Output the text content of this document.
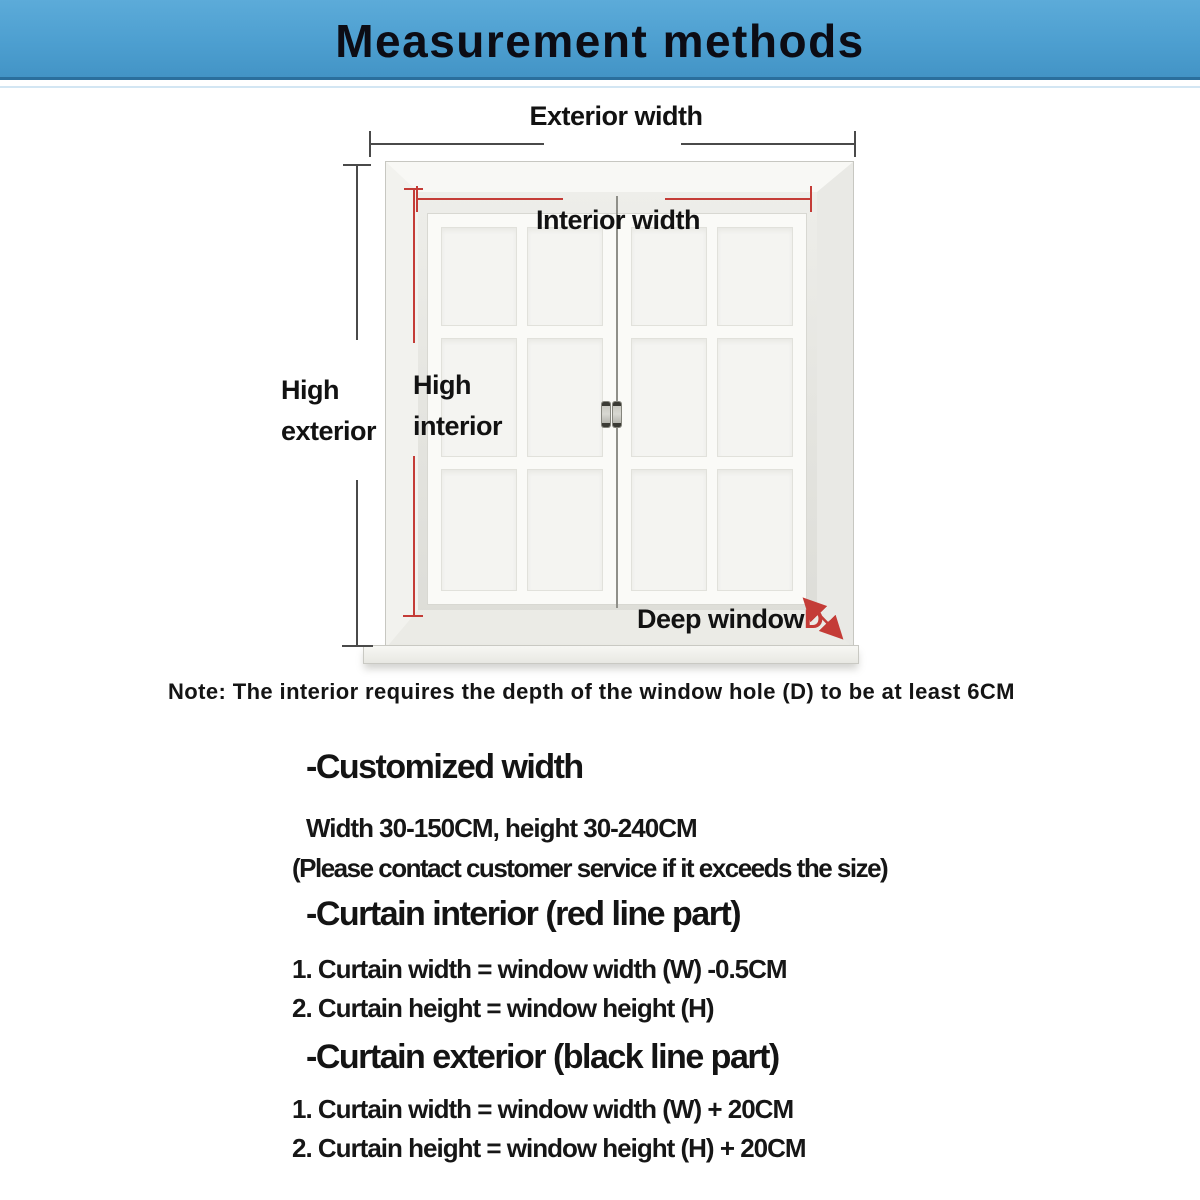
Measurement methods
Exterior width
Interior width
High
exterior
High
interior
Deep windowD
Note: The interior requires the depth of the window hole (D) to be at least 6CM
-Customized width
Width 30-150CM, height 30-240CM
(Please contact customer service if it exceeds the size)
-Curtain interior (red line part)
1. Curtain width = window width (W) -0.5CM
2. Curtain height = window height (H)
-Curtain exterior (black line part)
1. Curtain width = window width (W) + 20CM
2. Curtain height = window height (H) + 20CM
